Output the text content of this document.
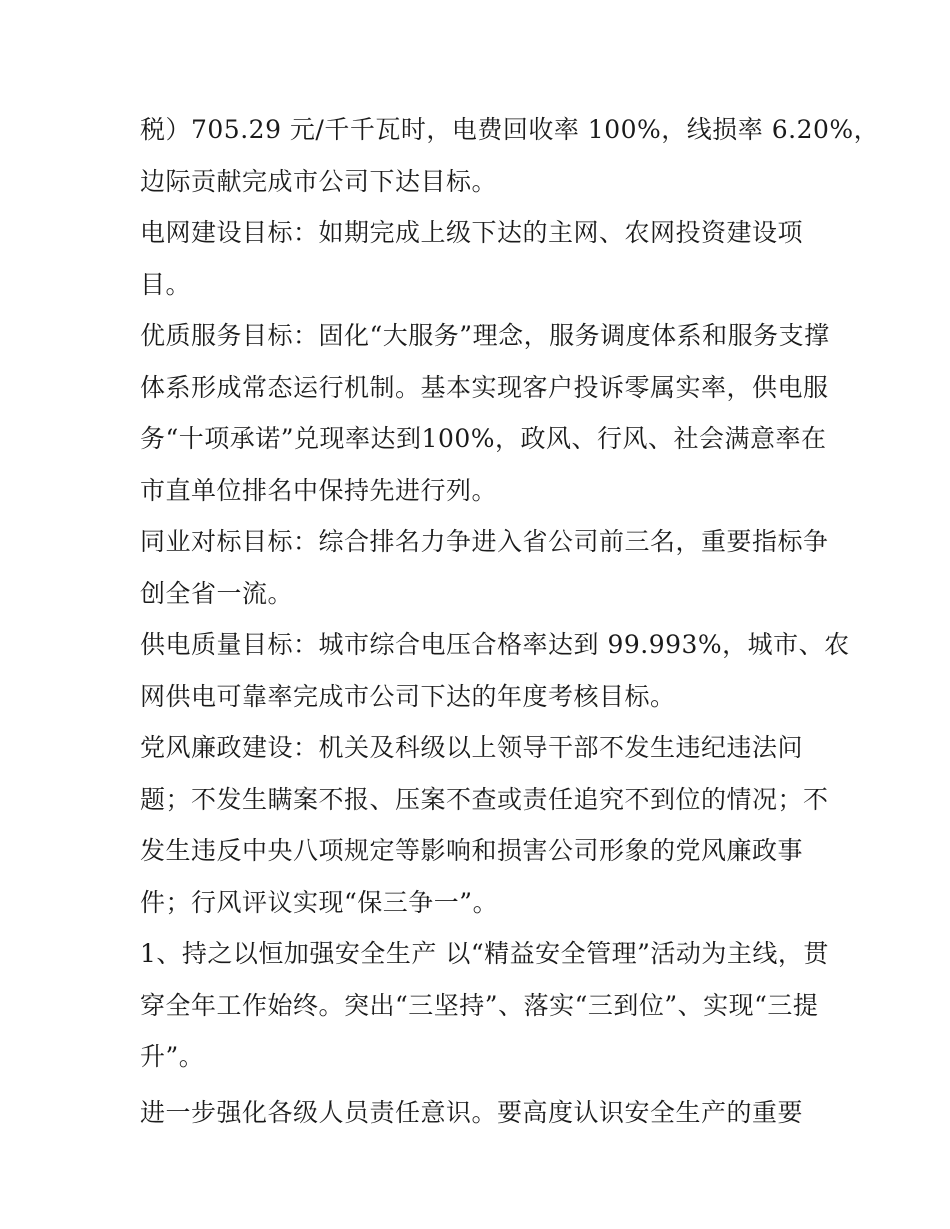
税）705.29 元/千千瓦时，电费回收率 100%，线损率 6.20%，

边际贡献完成市公司下达目标。

电网建设目标：如期完成上级下达的主网、农网投资建设项

目。

优质服务目标：固化“大服务”理念，服务调度体系和服务支撑

体系形成常态运行机制。基本实现客户投诉零属实率，供电服

务“十项承诺”兑现率达到100%，政风、行风、社会满意率在

市直单位排名中保持先进行列。

同业对标目标：综合排名力争进入省公司前三名，重要指标争

创全省一流。

供电质量目标：城市综合电压合格率达到 99.993%，城市、农

网供电可靠率完成市公司下达的年度考核目标。

党风廉政建设：机关及科级以上领导干部不发生违纪违法问

题；不发生瞒案不报、压案不查或责任追究不到位的情况；不

发生违反中央八项规定等影响和损害公司形象的党风廉政事

件；行风评议实现“保三争一”。

1、持之以恒加强安全生产 以“精益安全管理”活动为主线，贯

穿全年工作始终。突出“三坚持”、落实“三到位”、实现“三提

升”。

进一步强化各级人员责任意识。要高度认识安全生产的重要
